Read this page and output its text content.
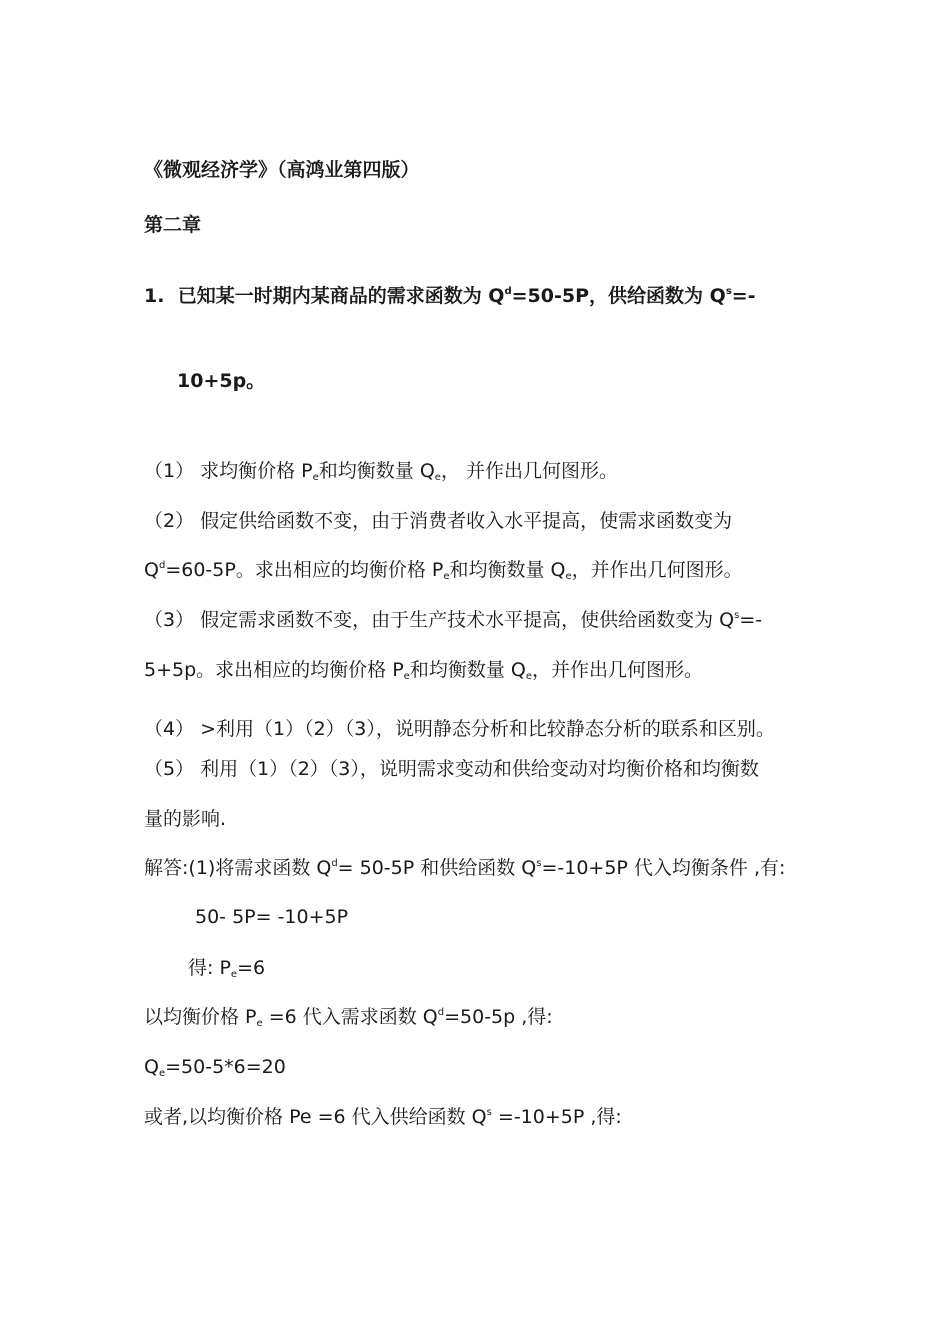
《微观经济学》（高鸿业第四版）
第二章
1. 已知某一时期内某商品的需求函数为 $Q^d=50-5P$，供给函数为 $Q^s=-$
10+5p。
（1） 求均衡价格 $P_e$和均衡数量 $Q_e$， 并作出几何图形。
（2） 假定供给函数不变，由于消费者收入水平提高，使需求函数变为
$Q^d=60-5P$。求出相应的均衡价格 $P_e$和均衡数量 $Q_e$，并作出几何图形。
（3） 假定需求函数不变，由于生产技术水平提高，使供给函数变为 $Q^s=-$
5+5p。求出相应的均衡价格 $P_e$和均衡数量 $Q_e$，并作出几何图形。
（4） >利用（1）（2）（3），说明静态分析和比较静态分析的联系和区别。
（5） 利用（1）（2）（3），说明需求变动和供给变动对均衡价格和均衡数
量的影响.
解答:(1)将需求函数 $Q^d= 50-5P$ 和供给函数 $Q^s=-10+5P$ 代入均衡条件 ,有:
50- 5P= -10+5P
得: $P_e=6$
以均衡价格 $P_e =6$ 代入需求函数 $Q^d=50-5p$ ,得:
$Q_e=50-5*6=20$
或者,以均衡价格 Pe =6 代入供给函数 $Q^s =-10+5P$ ,得:
